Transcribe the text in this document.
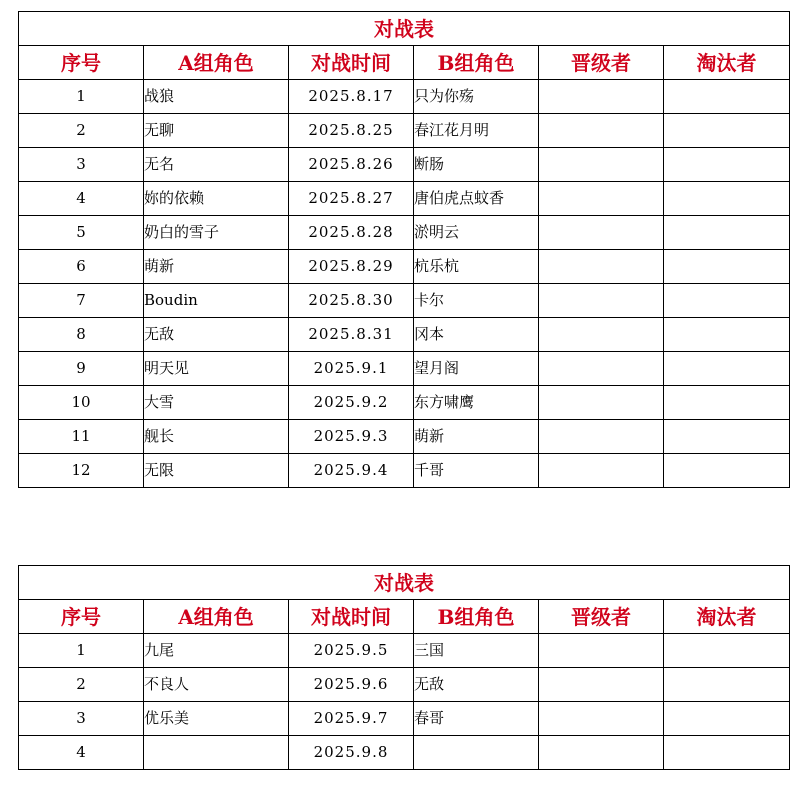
对战表					
序号	A组角色	对战时间	B组角色	晋级者	淘汰者
1	战狼	2025.8.17	只为你殇		
2	无聊	2025.8.25	春江花月明		
3	无名	2025.8.26	断肠		
4	妳的依赖	2025.8.27	唐伯虎点蚊香		
5	奶白的雪子	2025.8.28	淤明云		
6	萌新	2025.8.29	杭乐杭		
7	Boudin	2025.8.30	卡尔		
8	无敌	2025.8.31	冈本		
9	明天见	2025.9.1	望月阁		
10	大雪	2025.9.2	东方啸鹰		
11	舰长	2025.9.3	萌新		
12	无限	2025.9.4	千哥		
对战表					
序号	A组角色	对战时间	B组角色	晋级者	淘汰者
1	九尾	2025.9.5	三国		
2	不良人	2025.9.6	无敌		
3	优乐美	2025.9.7	春哥		
4		2025.9.8			
